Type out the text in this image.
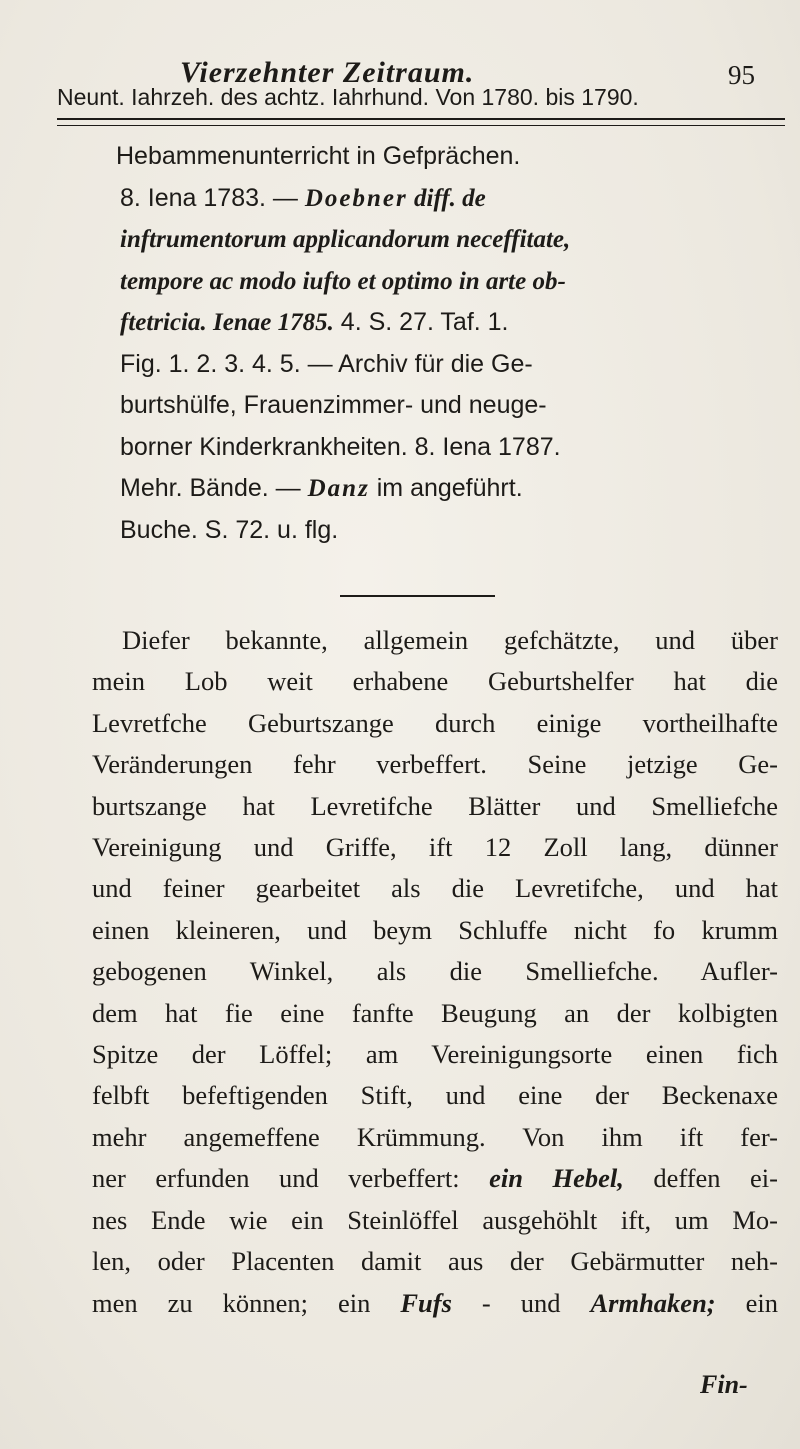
Vierzehnter Zeitraum.	95
Neunt. Iahrzeh. des achtz. Iahrhund. Von 1780. bis 1790.
Hebammenunterricht in Gefprächen.
8. Iena 1783. — Doebner diff. de
inftrumentorum applicandorum neceffitate,
tempore ac modo iufto et optimo in arte ob-
ftetricia. Ienae 1785. 4. S. 27. Taf. 1.
Fig. 1. 2. 3. 4. 5. — Archiv für die Ge-
burtshülfe, Frauenzimmer- und neuge-
borner Kinderkrankheiten. 8. Iena 1787.
Mehr. Bände. — Danz im angeführt.
Buche. S. 72. u. flg.
Diefer bekannte, allgemein gefchätzte, und über
mein Lob weit erhabene Geburtshelfer hat die
Levretfche Geburtszange durch einige vortheilhafte
Veränderungen fehr verbeffert. Seine jetzige Ge-
burtszange hat Levretifche Blätter und Smelliefche
Vereinigung und Griffe, ift 12 Zoll lang, dünner
und feiner gearbeitet als die Levretifche, und hat
einen kleineren, und beym Schluffe nicht fo krumm
gebogenen Winkel, als die Smelliefche. Aufler-
dem hat fie eine fanfte Beugung an der kolbigten
Spitze der Löffel; am Vereinigungsorte einen fich
felbft befeftigenden Stift, und eine der Beckenaxe
mehr angemeffene Krümmung. Von ihm ift fer-
ner erfunden und verbeffert: ein Hebel, deffen ei-
nes Ende wie ein Steinlöffel ausgehöhlt ift, um Mo-
len, oder Placenten damit aus der Gebärmutter neh-
men zu können; ein Fufs - und Armhaken; ein
Fin-
